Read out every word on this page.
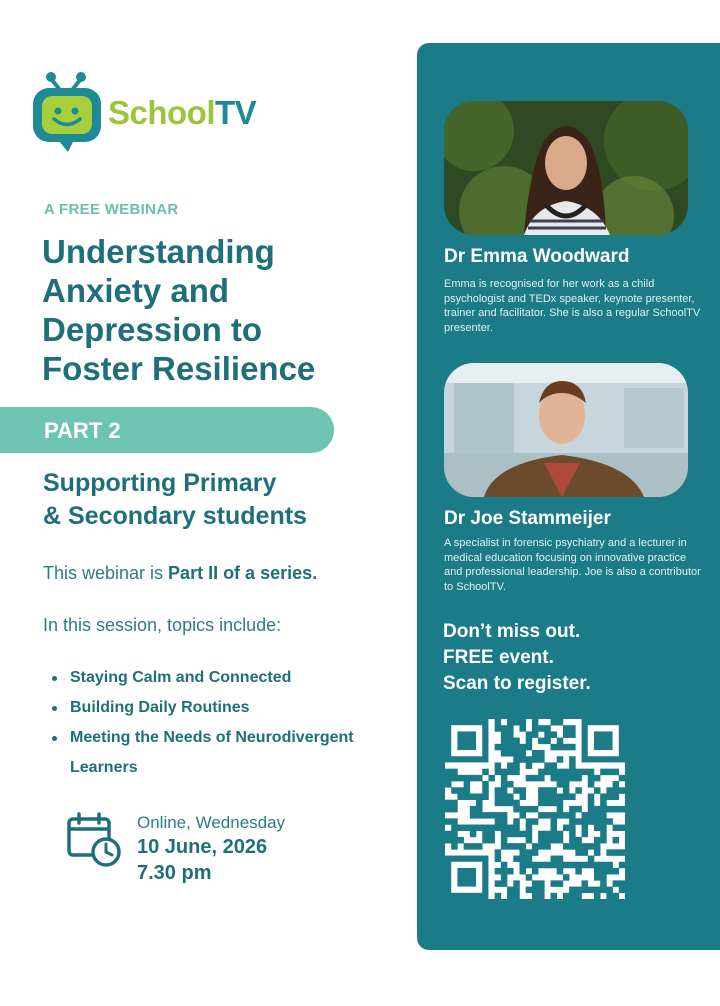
SchoolTV
A FREE WEBINAR
Understanding
Anxiety and
Depression to
Foster Resilience
PART 2
Supporting Primary
& Secondary students
This webinar is Part II of a series.
In this session, topics include:
Staying Calm and Connected
Building Daily Routines
Meeting the Needs of Neurodivergent Learners
Online, Wednesday
10 June, 2026
7.30 pm
Dr Emma Woodward
Emma is recognised for her work as a child psychologist and TEDx speaker, keynote presenter, trainer and facilitator. She is also a regular SchoolTV presenter.
Dr Joe Stammeijer
A specialist in forensic psychiatry and a lecturer in medical education focusing on innovative practice and professional leadership. Joe is also a contributor to SchoolTV.
Don’t miss out.
FREE event.
Scan to register.
